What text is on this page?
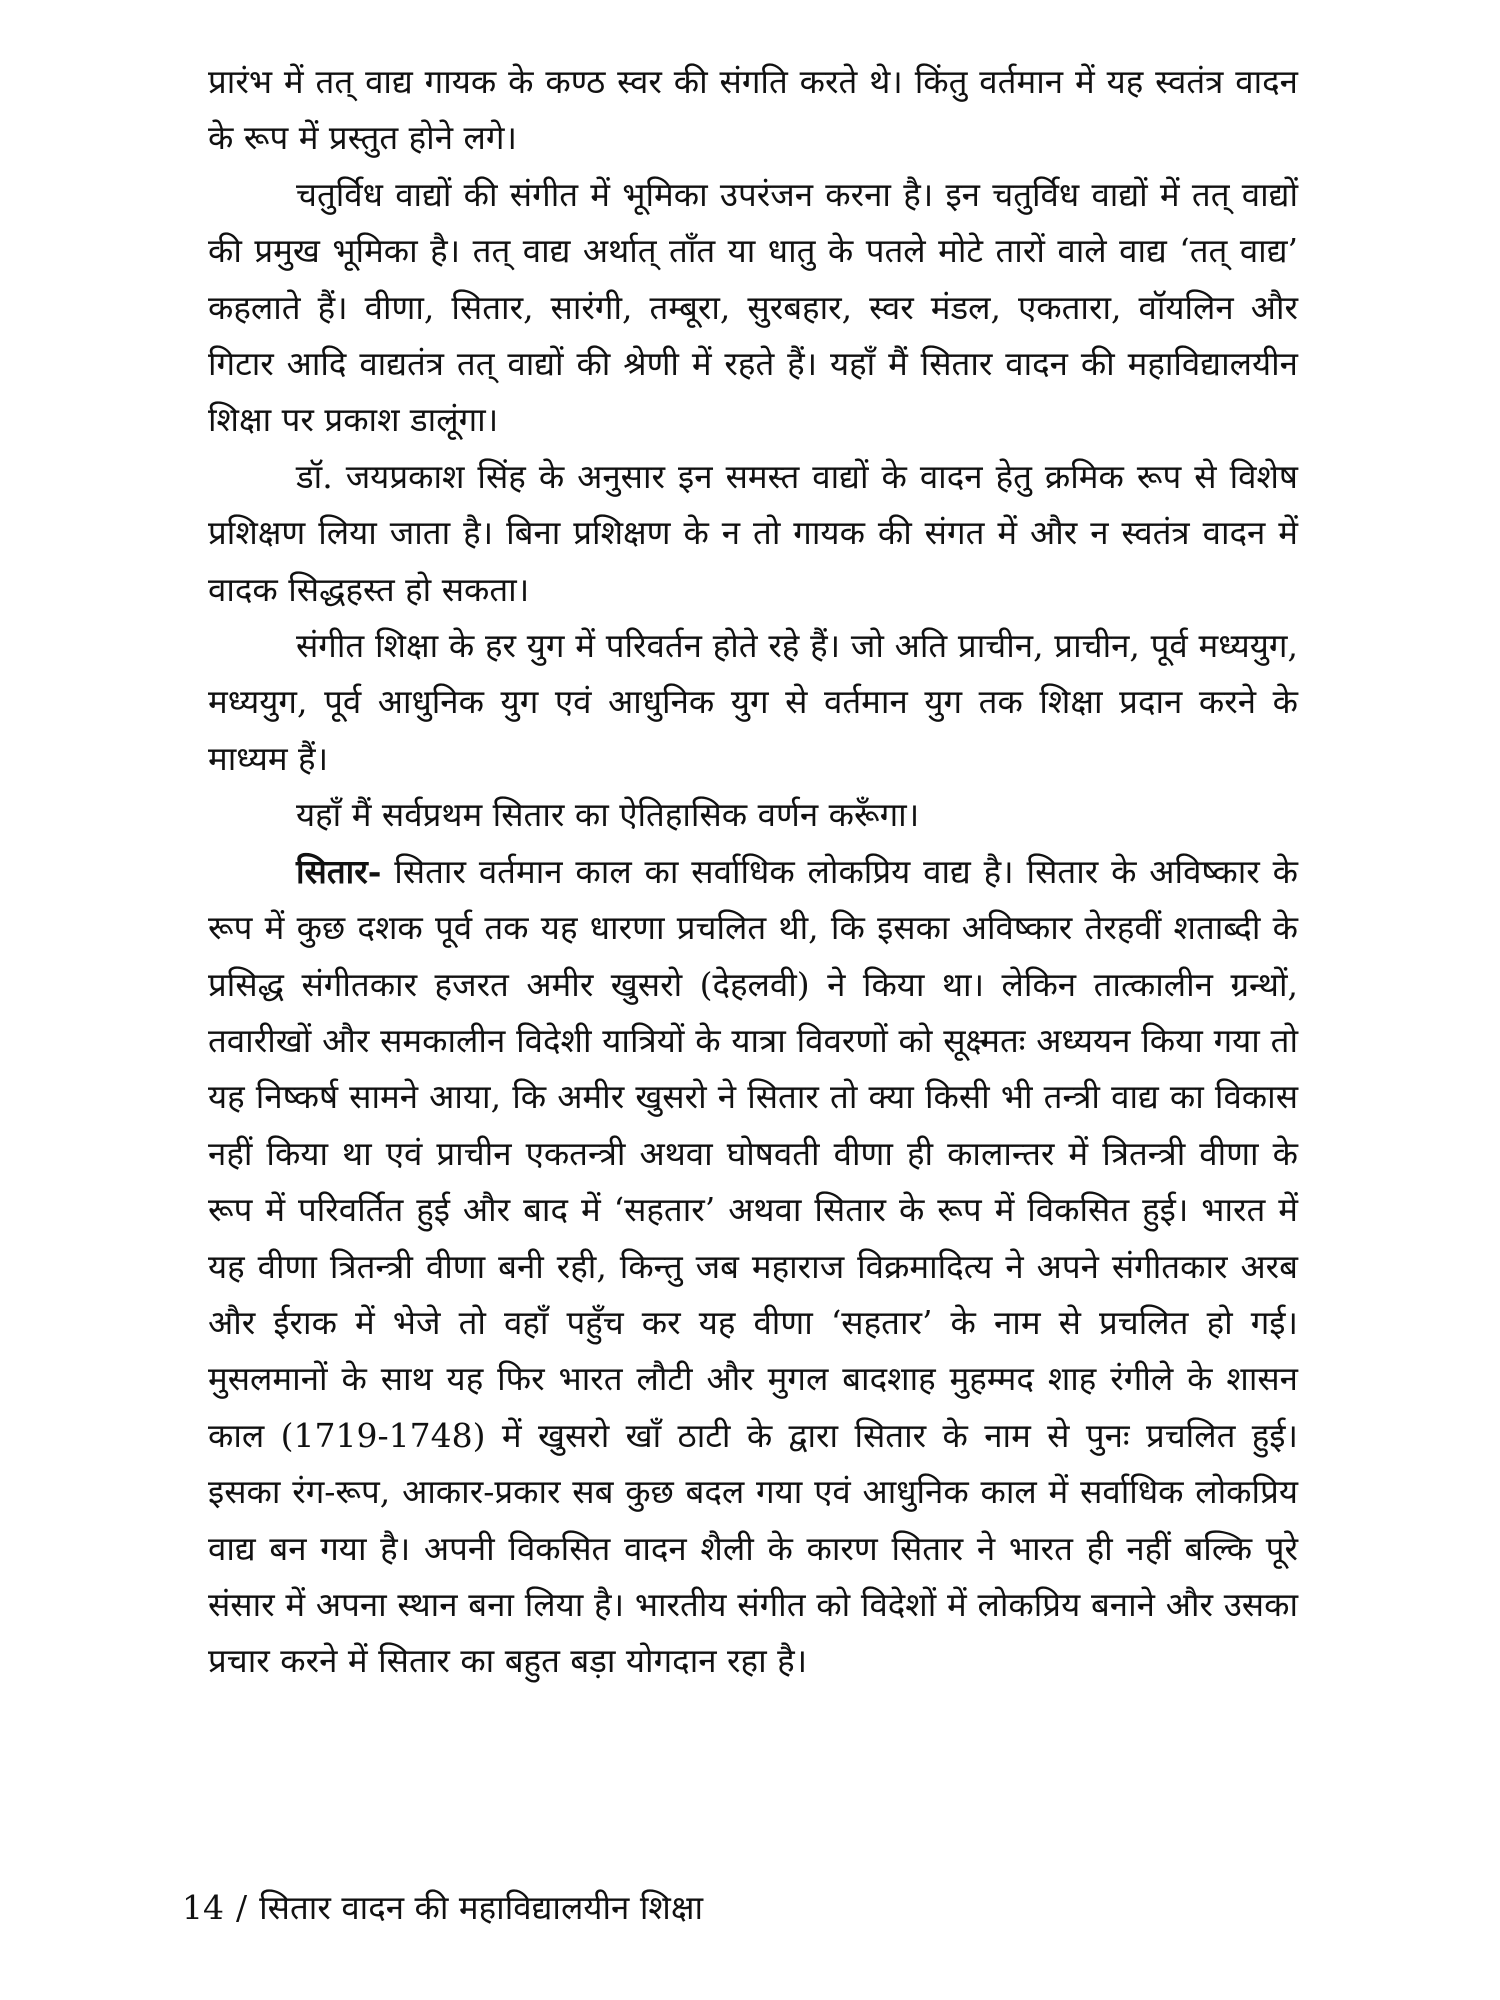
प्रारंभ में तत् वाद्य गायक के कण्ठ स्वर की संगति करते थे। किंतु वर्तमान में यह स्वतंत्र वादन के रूप में प्रस्तुत होने लगे।

चतुर्विध वाद्यों की संगीत में भूमिका उपरंजन करना है। इन चतुर्विध वाद्यों में तत् वाद्यों की प्रमुख भूमिका है। तत् वाद्य अर्थात् ताँत या धातु के पतले मोटे तारों वाले वाद्य ‘तत् वाद्य’ कहलाते हैं। वीणा, सितार, सारंगी, तम्बूरा, सुरबहार, स्वर मंडल, एकतारा, वॉयलिन और गिटार आदि वाद्यतंत्र तत् वाद्यों की श्रेणी में रहते हैं। यहाँ मैं सितार वादन की महाविद्यालयीन शिक्षा पर प्रकाश डालूंगा।

डॉ. जयप्रकाश सिंह के अनुसार इन समस्त वाद्यों के वादन हेतु क्रमिक रूप से विशेष प्रशिक्षण लिया जाता है। बिना प्रशिक्षण के न तो गायक की संगत में और न स्वतंत्र वादन में वादक सिद्धहस्त हो सकता।

संगीत शिक्षा के हर युग में परिवर्तन होते रहे हैं। जो अति प्राचीन, प्राचीन, पूर्व मध्ययुग, मध्ययुग, पूर्व आधुनिक युग एवं आधुनिक युग से वर्तमान युग तक शिक्षा प्रदान करने के माध्यम हैं।

यहाँ मैं सर्वप्रथम सितार का ऐतिहासिक वर्णन करूँगा।

सितार- सितार वर्तमान काल का सर्वाधिक लोकप्रिय वाद्य है। सितार के अविष्कार के रूप में कुछ दशक पूर्व तक यह धारणा प्रचलित थी, कि इसका अविष्कार तेरहवीं शताब्दी के प्रसिद्ध संगीतकार हजरत अमीर खुसरो (देहलवी) ने किया था। लेकिन तात्कालीन ग्रन्थों, तवारीखों और समकालीन विदेशी यात्रियों के यात्रा विवरणों को सूक्ष्मतः अध्ययन किया गया तो यह निष्कर्ष सामने आया, कि अमीर खुसरो ने सितार तो क्या किसी भी तन्त्री वाद्य का विकास नहीं किया था एवं प्राचीन एकतन्त्री अथवा घोषवती वीणा ही कालान्तर में त्रितन्त्री वीणा के रूप में परिवर्तित हुई और बाद में ‘सहतार’ अथवा सितार के रूप में विकसित हुई। भारत में यह वीणा त्रितन्त्री वीणा बनी रही, किन्तु जब महाराज विक्रमादित्य ने अपने संगीतकार अरब और ईराक में भेजे तो वहाँ पहुँच कर यह वीणा ‘सहतार’ के नाम से प्रचलित हो गई। मुसलमानों के साथ यह फिर भारत लौटी और मुगल बादशाह मुहम्मद शाह रंगीले के शासन काल (1719-1748) में खुसरो खाँ ठाटी के द्वारा सितार के नाम से पुनः प्रचलित हुई। इसका रंग-रूप, आकार-प्रकार सब कुछ बदल गया एवं आधुनिक काल में सर्वाधिक लोकप्रिय वाद्य बन गया है। अपनी विकसित वादन शैली के कारण सितार ने भारत ही नहीं बल्कि पूरे संसार में अपना स्थान बना लिया है। भारतीय संगीत को विदेशों में लोकप्रिय बनाने और उसका प्रचार करने में सितार का बहुत बड़ा योगदान रहा है।

14 / सितार वादन की महाविद्यालयीन शिक्षा
